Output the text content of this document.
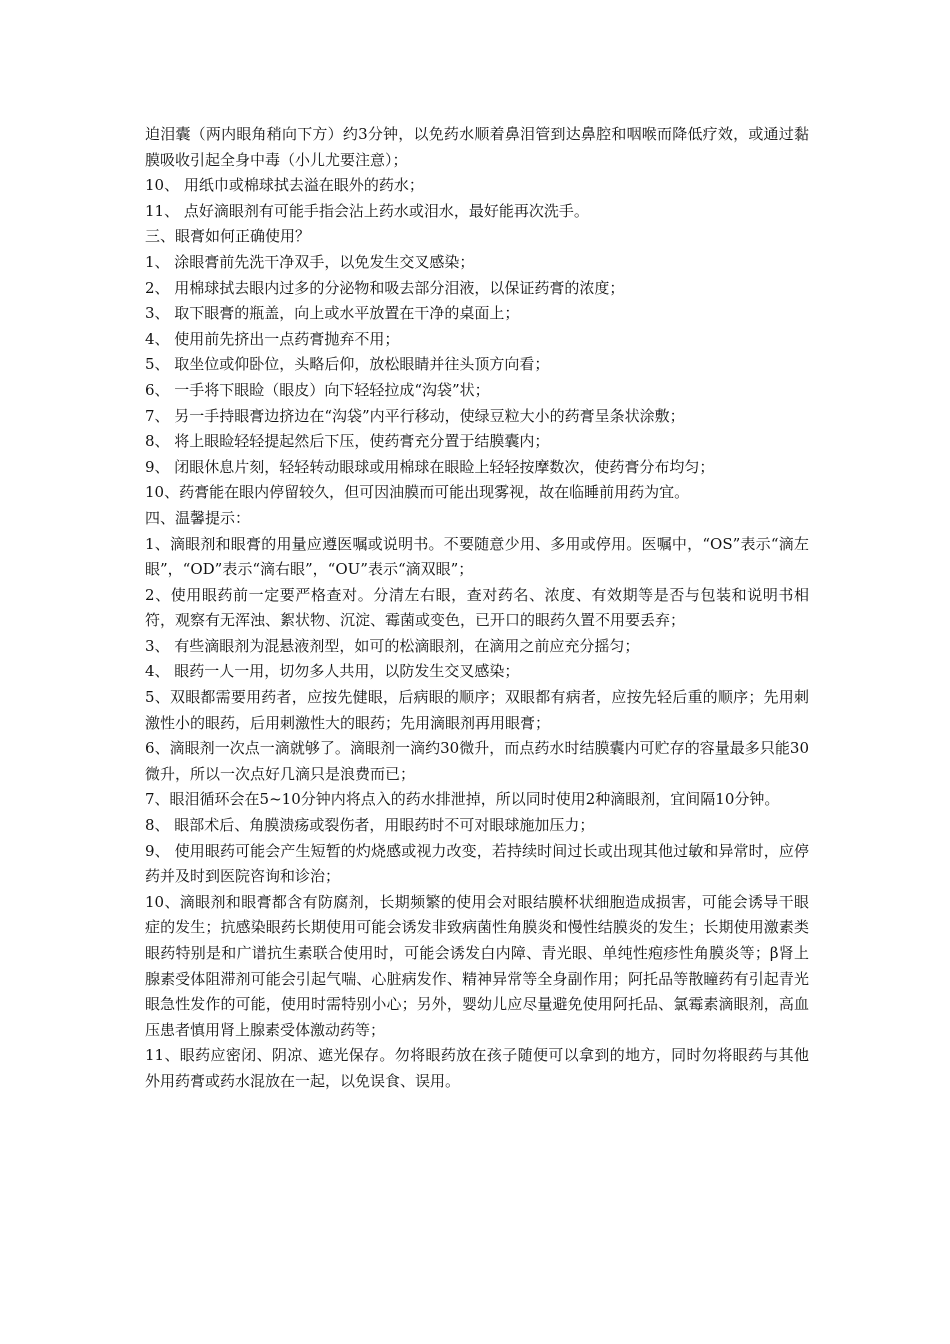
迫泪囊（两内眼角稍向下方）约3分钟，以免药水顺着鼻泪管到达鼻腔和咽喉而降低疗效，或通过黏膜吸收引起全身中毒（小儿尤要注意）；

10、 用纸巾或棉球拭去溢在眼外的药水；

11、 点好滴眼剂有可能手指会沾上药水或泪水，最好能再次洗手。

三、眼膏如何正确使用？

1、 涂眼膏前先洗干净双手，以免发生交叉感染；

2、 用棉球拭去眼内过多的分泌物和吸去部分泪液，以保证药膏的浓度；

3、 取下眼膏的瓶盖，向上或水平放置在干净的桌面上；

4、 使用前先挤出一点药膏抛弃不用；

5、 取坐位或仰卧位，头略后仰，放松眼睛并往头顶方向看；

6、 一手将下眼睑（眼皮）向下轻轻拉成“沟袋”状；

7、 另一手持眼膏边挤边在“沟袋”内平行移动，使绿豆粒大小的药膏呈条状涂敷；

8、 将上眼睑轻轻提起然后下压，使药膏充分置于结膜囊内；

9、 闭眼休息片刻，轻轻转动眼球或用棉球在眼睑上轻轻按摩数次，使药膏分布均匀；

10、药膏能在眼内停留较久，但可因油膜而可能出现雾视，故在临睡前用药为宜。

四、温馨提示：

1、滴眼剂和眼膏的用量应遵医嘱或说明书。不要随意少用、多用或停用。医嘱中，“OS”表示“滴左眼”，“OD”表示“滴右眼”，“OU”表示“滴双眼”；

2、使用眼药前一定要严格查对。分清左右眼，查对药名、浓度、有效期等是否与包装和说明书相符，观察有无浑浊、絮状物、沉淀、霉菌或变色，已开口的眼药久置不用要丢弃；

3、 有些滴眼剂为混悬液剂型，如可的松滴眼剂，在滴用之前应充分摇匀；

4、 眼药一人一用，切勿多人共用，以防发生交叉感染；

5、双眼都需要用药者，应按先健眼，后病眼的顺序；双眼都有病者，应按先轻后重的顺序；先用刺激性小的眼药，后用刺激性大的眼药；先用滴眼剂再用眼膏；

6、滴眼剂一次点一滴就够了。滴眼剂一滴约30微升，而点药水时结膜囊内可贮存的容量最多只能30微升，所以一次点好几滴只是浪费而已；

7、眼泪循环会在5~10分钟内将点入的药水排泄掉，所以同时使用2种滴眼剂，宜间隔10分钟。

8、 眼部术后、角膜溃疡或裂伤者，用眼药时不可对眼球施加压力；

9、 使用眼药可能会产生短暂的灼烧感或视力改变，若持续时间过长或出现其他过敏和异常时，应停药并及时到医院咨询和诊治；

10、滴眼剂和眼膏都含有防腐剂，长期频繁的使用会对眼结膜杯状细胞造成损害，可能会诱导干眼症的发生；抗感染眼药长期使用可能会诱发非致病菌性角膜炎和慢性结膜炎的发生；长期使用激素类眼药特别是和广谱抗生素联合使用时，可能会诱发白内障、青光眼、单纯性疱疹性角膜炎等；β肾上腺素受体阻滞剂可能会引起气喘、心脏病发作、精神异常等全身副作用；阿托品等散瞳药有引起青光眼急性发作的可能，使用时需特别小心；另外，婴幼儿应尽量避免使用阿托品、氯霉素滴眼剂，高血压患者慎用肾上腺素受体激动药等；

11、眼药应密闭、阴凉、遮光保存。勿将眼药放在孩子随便可以拿到的地方，同时勿将眼药与其他外用药膏或药水混放在一起，以免误食、误用。
